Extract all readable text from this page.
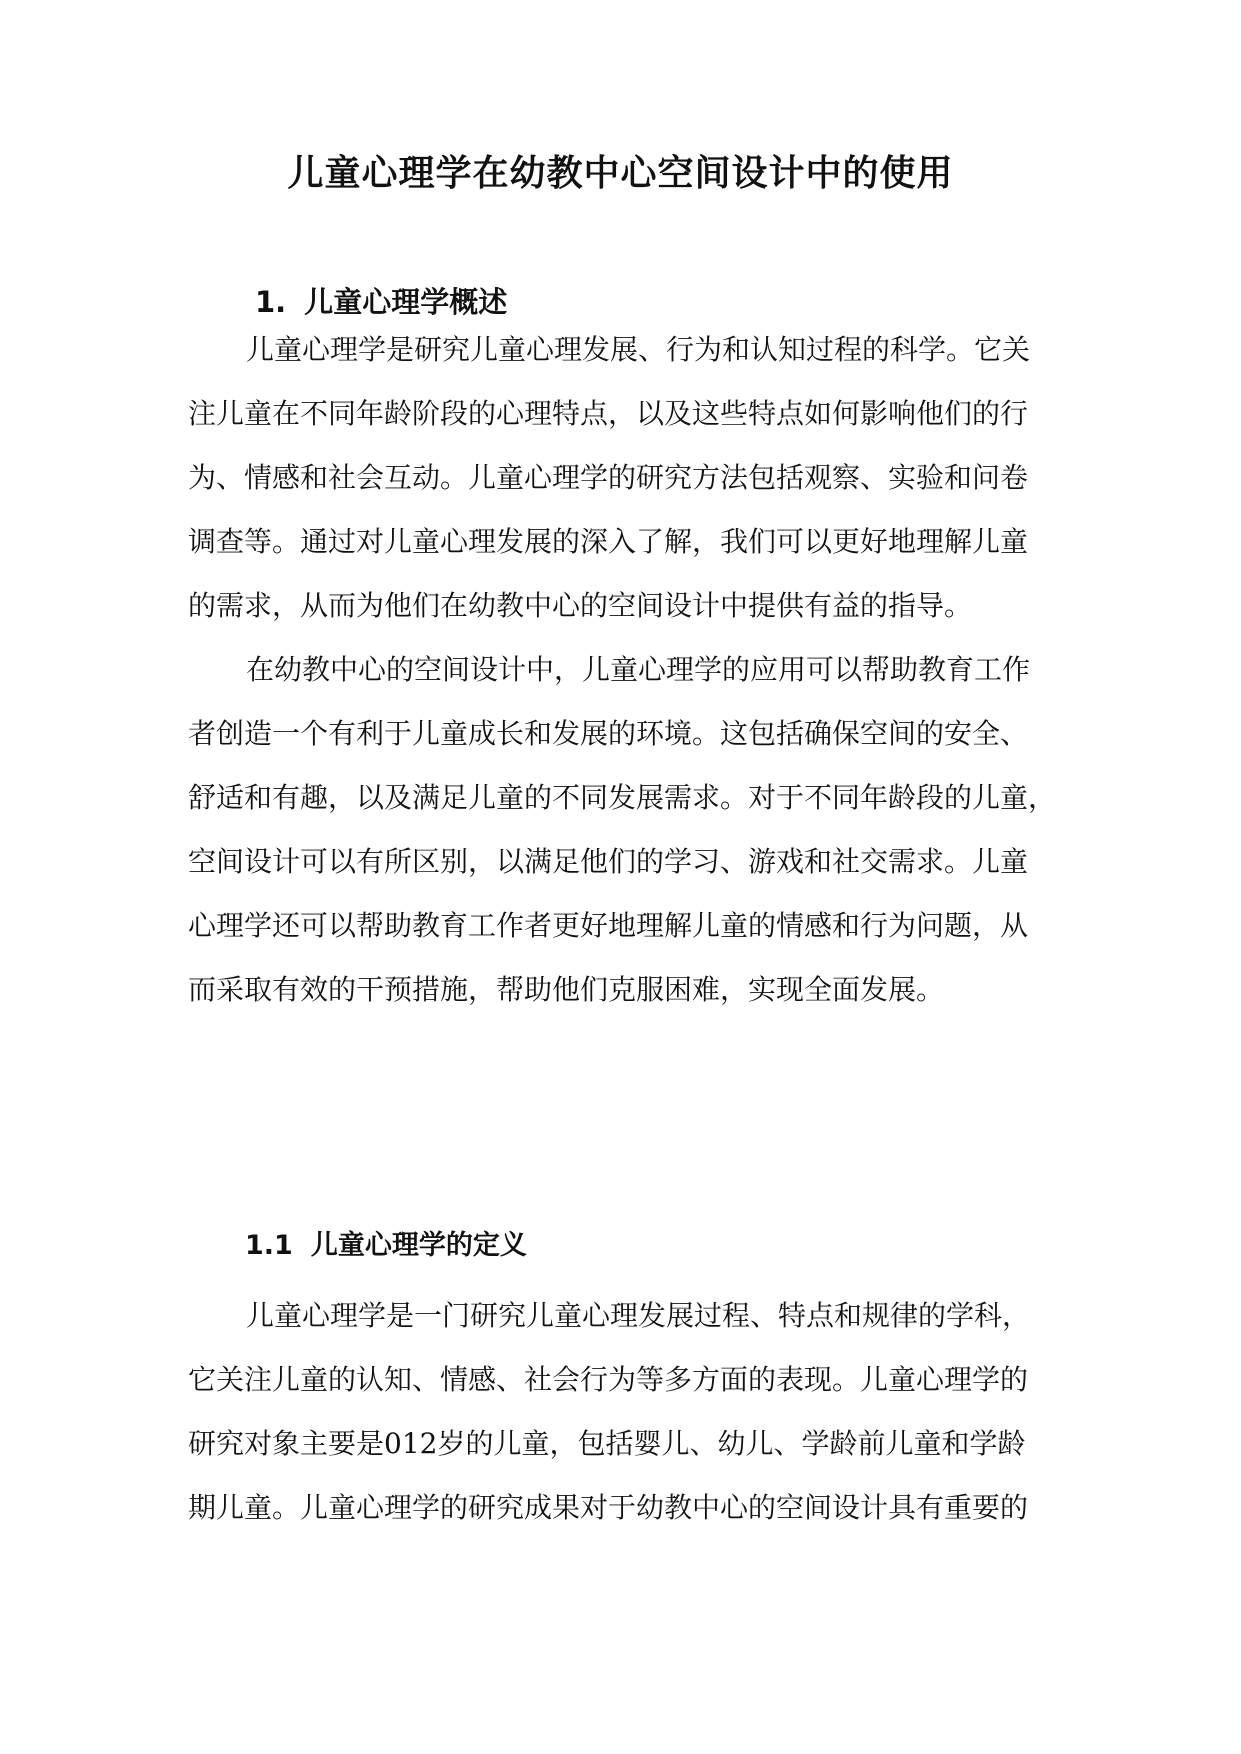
儿童心理学在幼教中心空间设计中的使用
1. 儿童心理学概述

儿童心理学是研究儿童心理发展、行为和认知过程的科学。它关

注儿童在不同年龄阶段的心理特点，以及这些特点如何影响他们的行

为、情感和社会互动。儿童心理学的研究方法包括观察、实验和问卷

调查等。通过对儿童心理发展的深入了解，我们可以更好地理解儿童

的需求，从而为他们在幼教中心的空间设计中提供有益的指导。

在幼教中心的空间设计中，儿童心理学的应用可以帮助教育工作

者创造一个有利于儿童成长和发展的环境。这包括确保空间的安全、

舒适和有趣，以及满足儿童的不同发展需求。对于不同年龄段的儿童，

空间设计可以有所区别，以满足他们的学习、游戏和社交需求。儿童

心理学还可以帮助教育工作者更好地理解儿童的情感和行为问题，从

而采取有效的干预措施，帮助他们克服困难，实现全面发展。

1.1 儿童心理学的定义

儿童心理学是一门研究儿童心理发展过程、特点和规律的学科，

它关注儿童的认知、情感、社会行为等多方面的表现。儿童心理学的

研究对象主要是012岁的儿童，包括婴儿、幼儿、学龄前儿童和学龄

期儿童。儿童心理学的研究成果对于幼教中心的空间设计具有重要的
